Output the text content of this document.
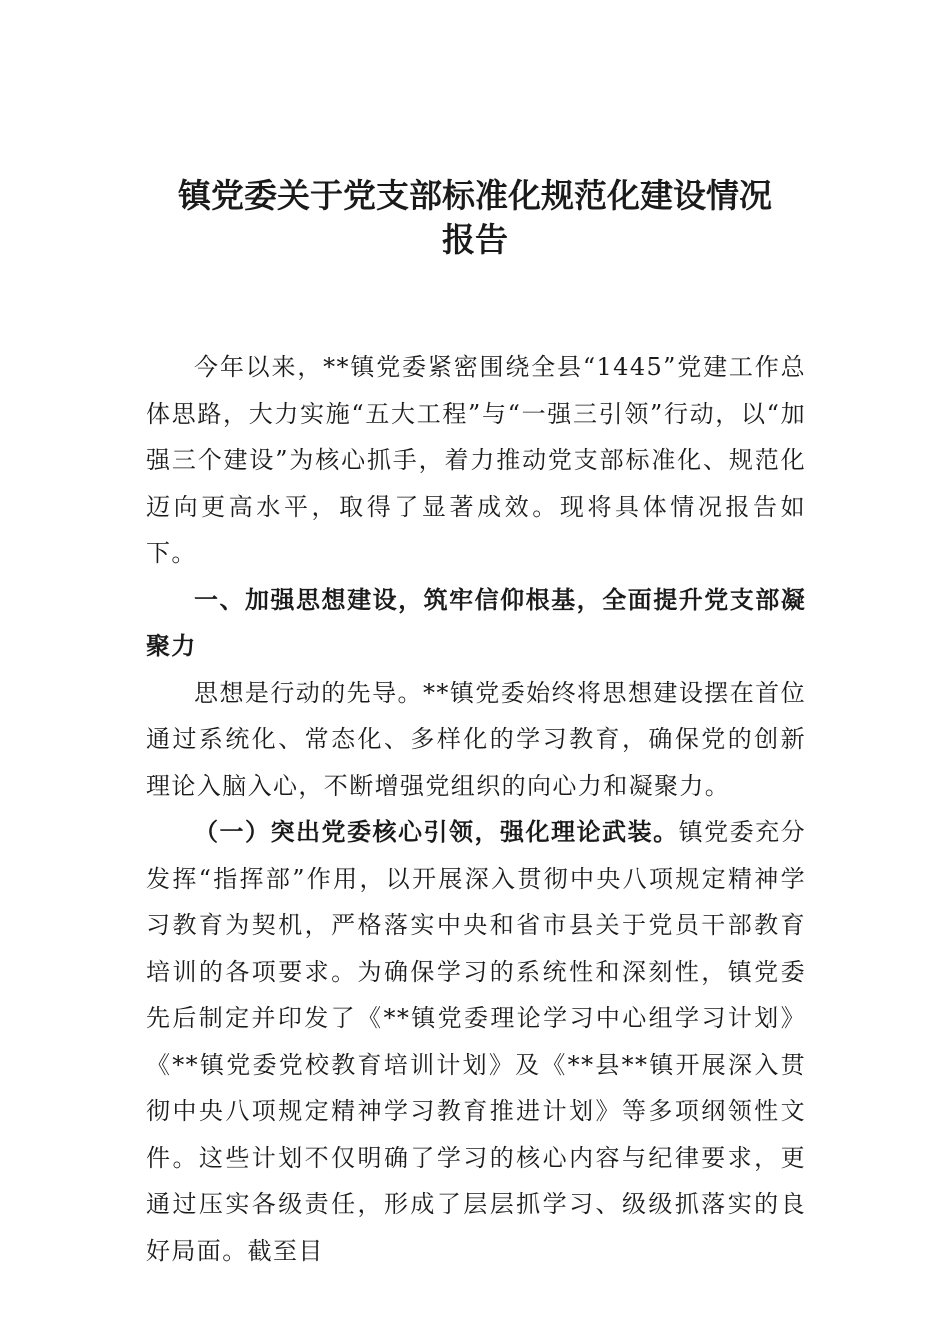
镇党委关于党支部标准化规范化建设情况
报告

今年以来，**镇党委紧密围绕全县“1445”党建工作总体思路，大力实施“五大工程”与“一强三引领”行动，以“加强三个建设”为核心抓手，着力推动党支部标准化、规范化迈向更高水平，取得了显著成效。现将具体情况报告如下。

一、加强思想建设，筑牢信仰根基，全面提升党支部凝聚力

思想是行动的先导。**镇党委始终将思想建设摆在首位通过系统化、常态化、多样化的学习教育，确保党的创新理论入脑入心，不断增强党组织的向心力和凝聚力。

（一）突出党委核心引领，强化理论武装。镇党委充分发挥“指挥部”作用，以开展深入贯彻中央八项规定精神学习教育为契机，严格落实中央和省市县关于党员干部教育培训的各项要求。为确保学习的系统性和深刻性，镇党委先后制定并印发了《**镇党委理论学习中心组学习计划》《**镇党委党校教育培训计划》及《**县**镇开展深入贯彻中央八项规定精神学习教育推进计划》等多项纲领性文件。这些计划不仅明确了学习的核心内容与纪律要求，更通过压实各级责任，形成了层层抓学习、级级抓落实的良好局面。截至目
